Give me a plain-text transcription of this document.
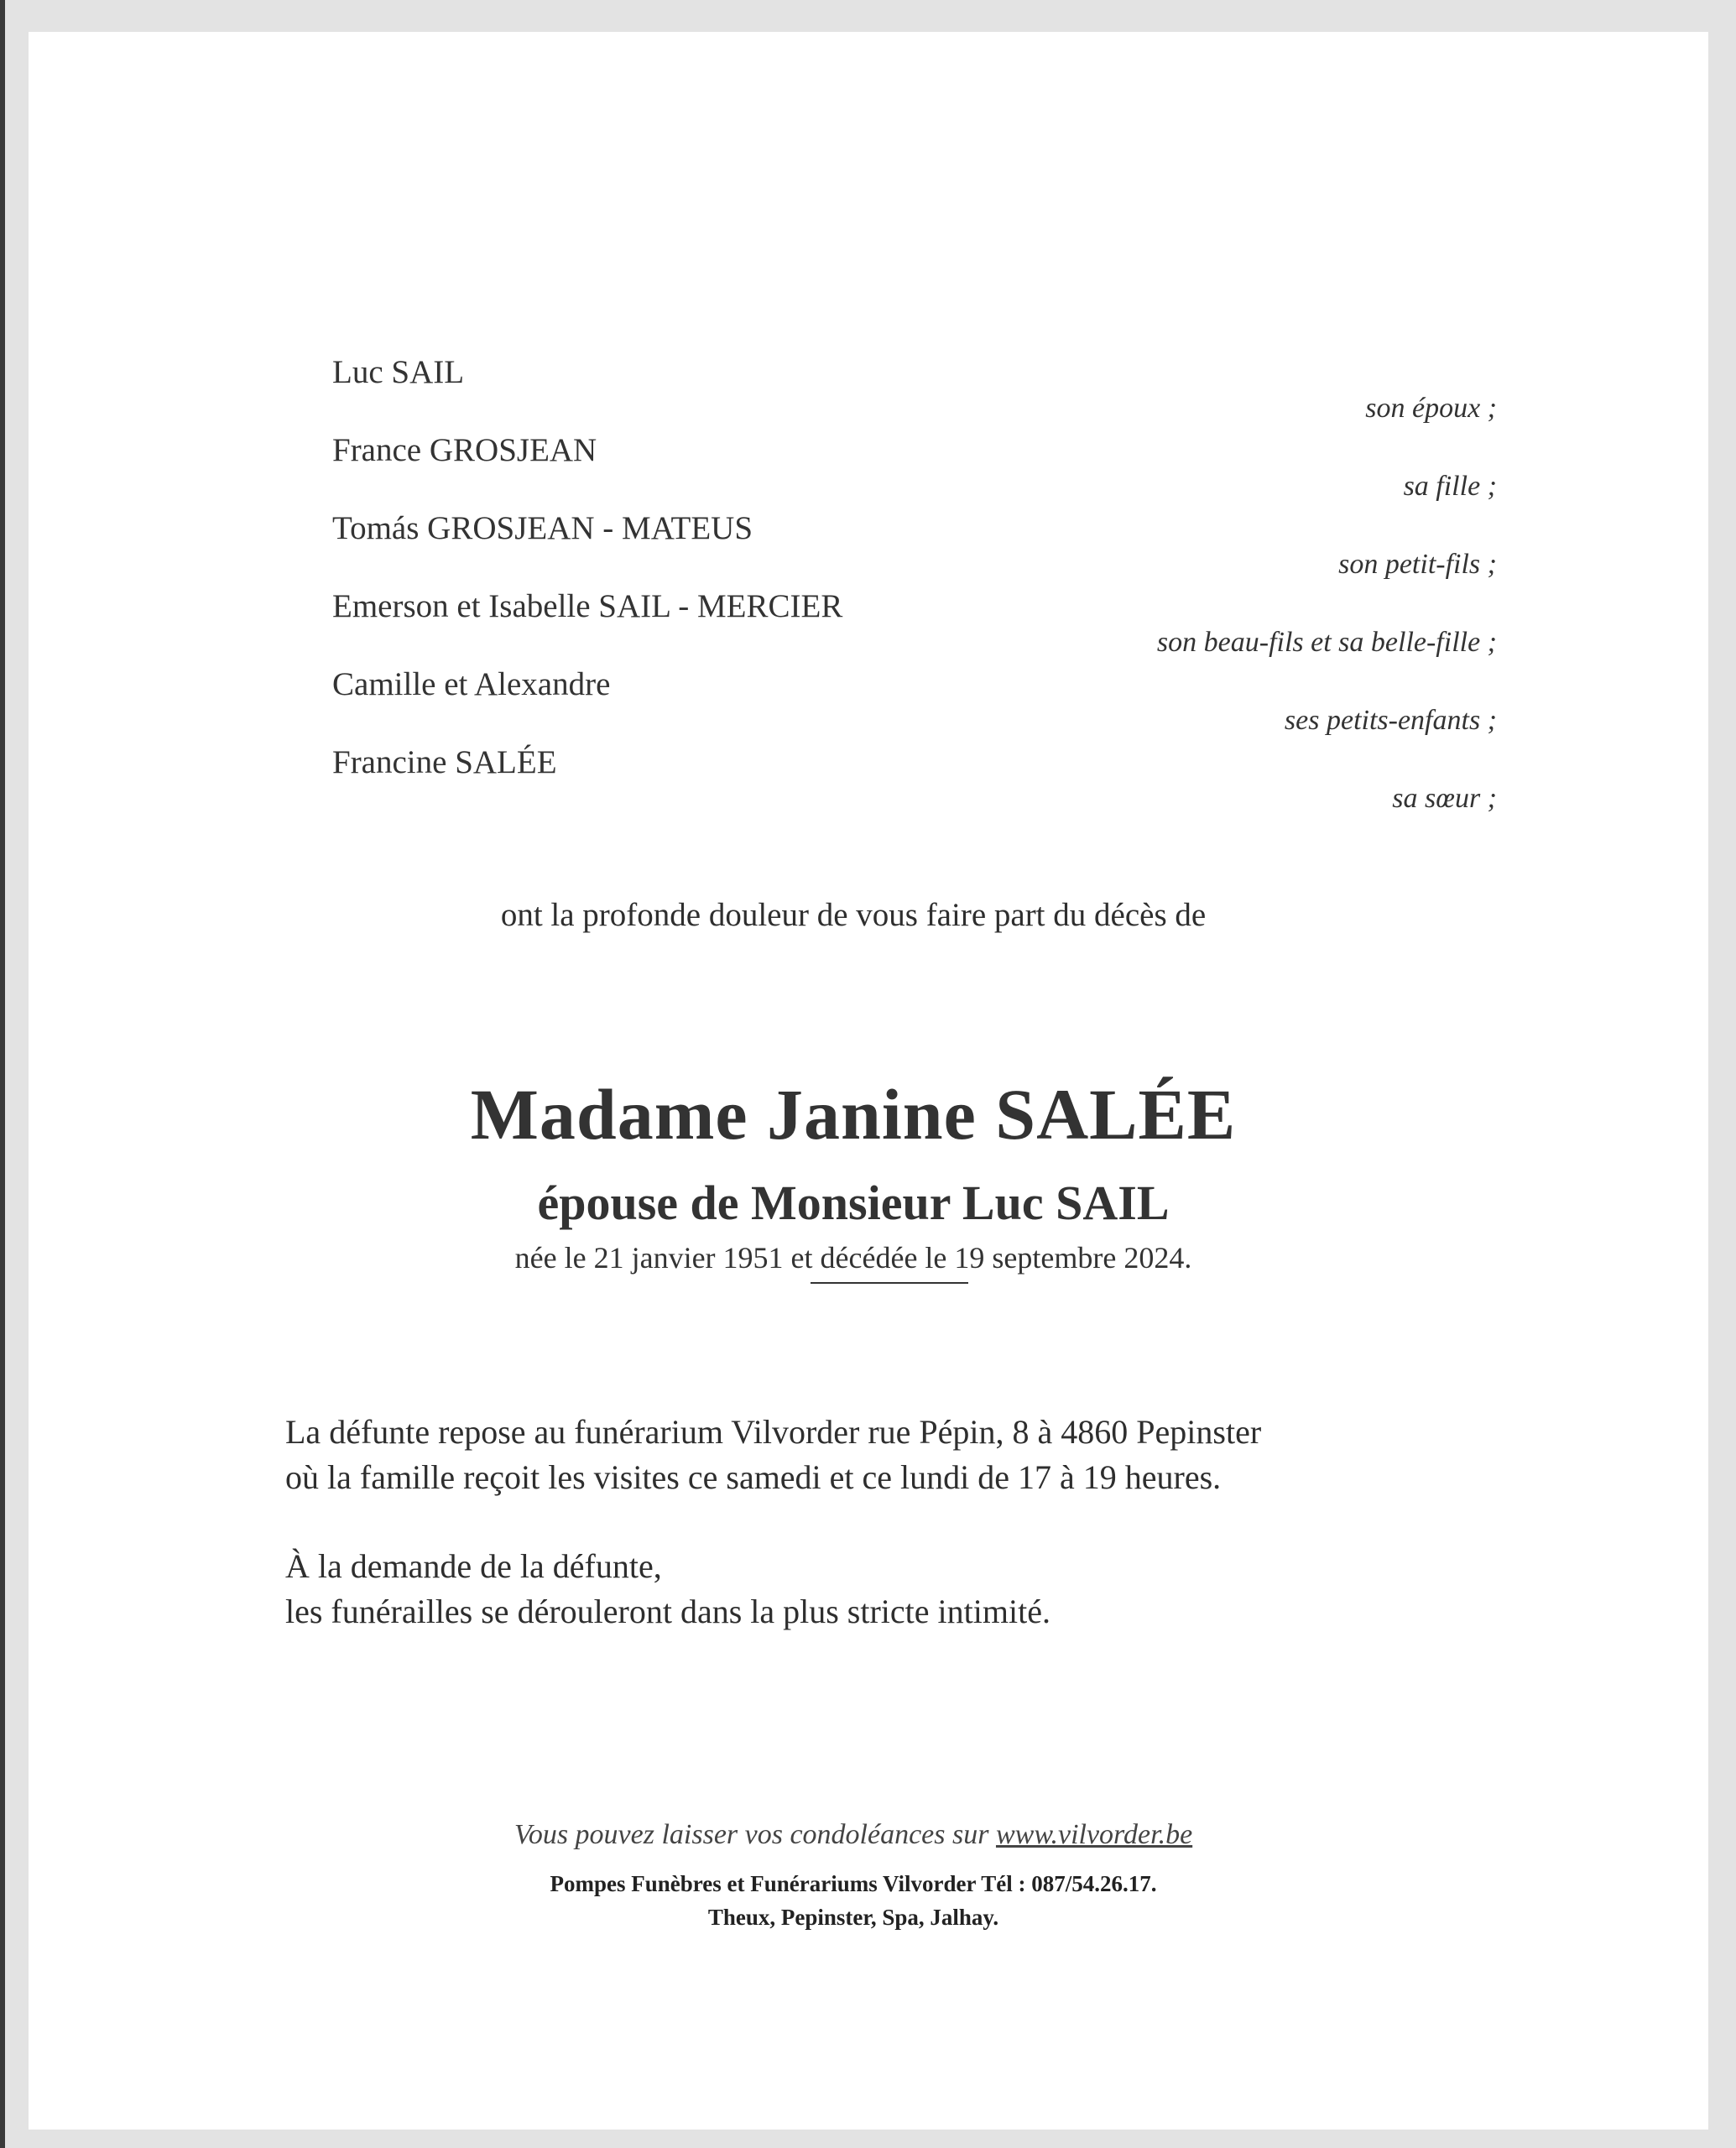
Luc SAIL
France GROSJEAN
Tomás GROSJEAN - MATEUS
Emerson et Isabelle SAIL - MERCIER
Camille et Alexandre
Francine SALÉE
son époux ;
sa fille ;
son petit-fils ;
son beau-fils et sa belle-fille ;
ses petits-enfants ;
sa sœur ;
ont la profonde douleur de vous faire part du décès de
Madame Janine SALÉE
épouse de Monsieur Luc SAIL
née le 21 janvier 1951 et décédée le 19 septembre 2024.
La défunte repose au funérarium Vilvorder rue Pépin, 8 à 4860 Pepinster
où la famille reçoit les visites ce samedi et ce lundi de 17 à 19 heures.
À la demande de la défunte,
les funérailles se dérouleront dans la plus stricte intimité.
Vous pouvez laisser vos condoléances sur www.vilvorder.be
Pompes Funèbres et Funérariums Vilvorder Tél : 087/54.26.17.
Theux, Pepinster, Spa, Jalhay.
